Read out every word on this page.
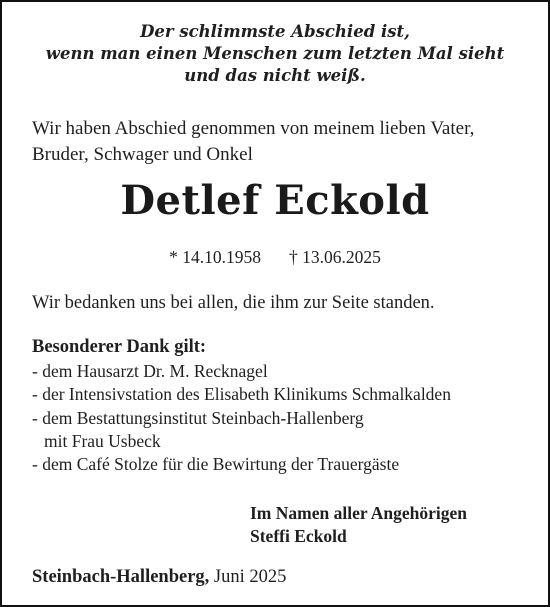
Der schlimmste Abschied ist,
wenn man einen Menschen zum letzten Mal sieht
und das nicht weiß.
Wir haben Abschied genommen von meinem lieben Vater,
Bruder, Schwager und Onkel
Detlef Eckold
* 14.10.1958 † 13.06.2025
Wir bedanken uns bei allen, die ihm zur Seite standen.
Besonderer Dank gilt:
- dem Hausarzt Dr. M. Recknagel
- der Intensivstation des Elisabeth Klinikums Schmalkalden
- dem Bestattungsinstitut Steinbach-Hallenberg
mit Frau Usbeck
- dem Café Stolze für die Bewirtung der Trauergäste
Im Namen aller Angehörigen
Steffi Eckold
Steinbach-Hallenberg, Juni 2025
